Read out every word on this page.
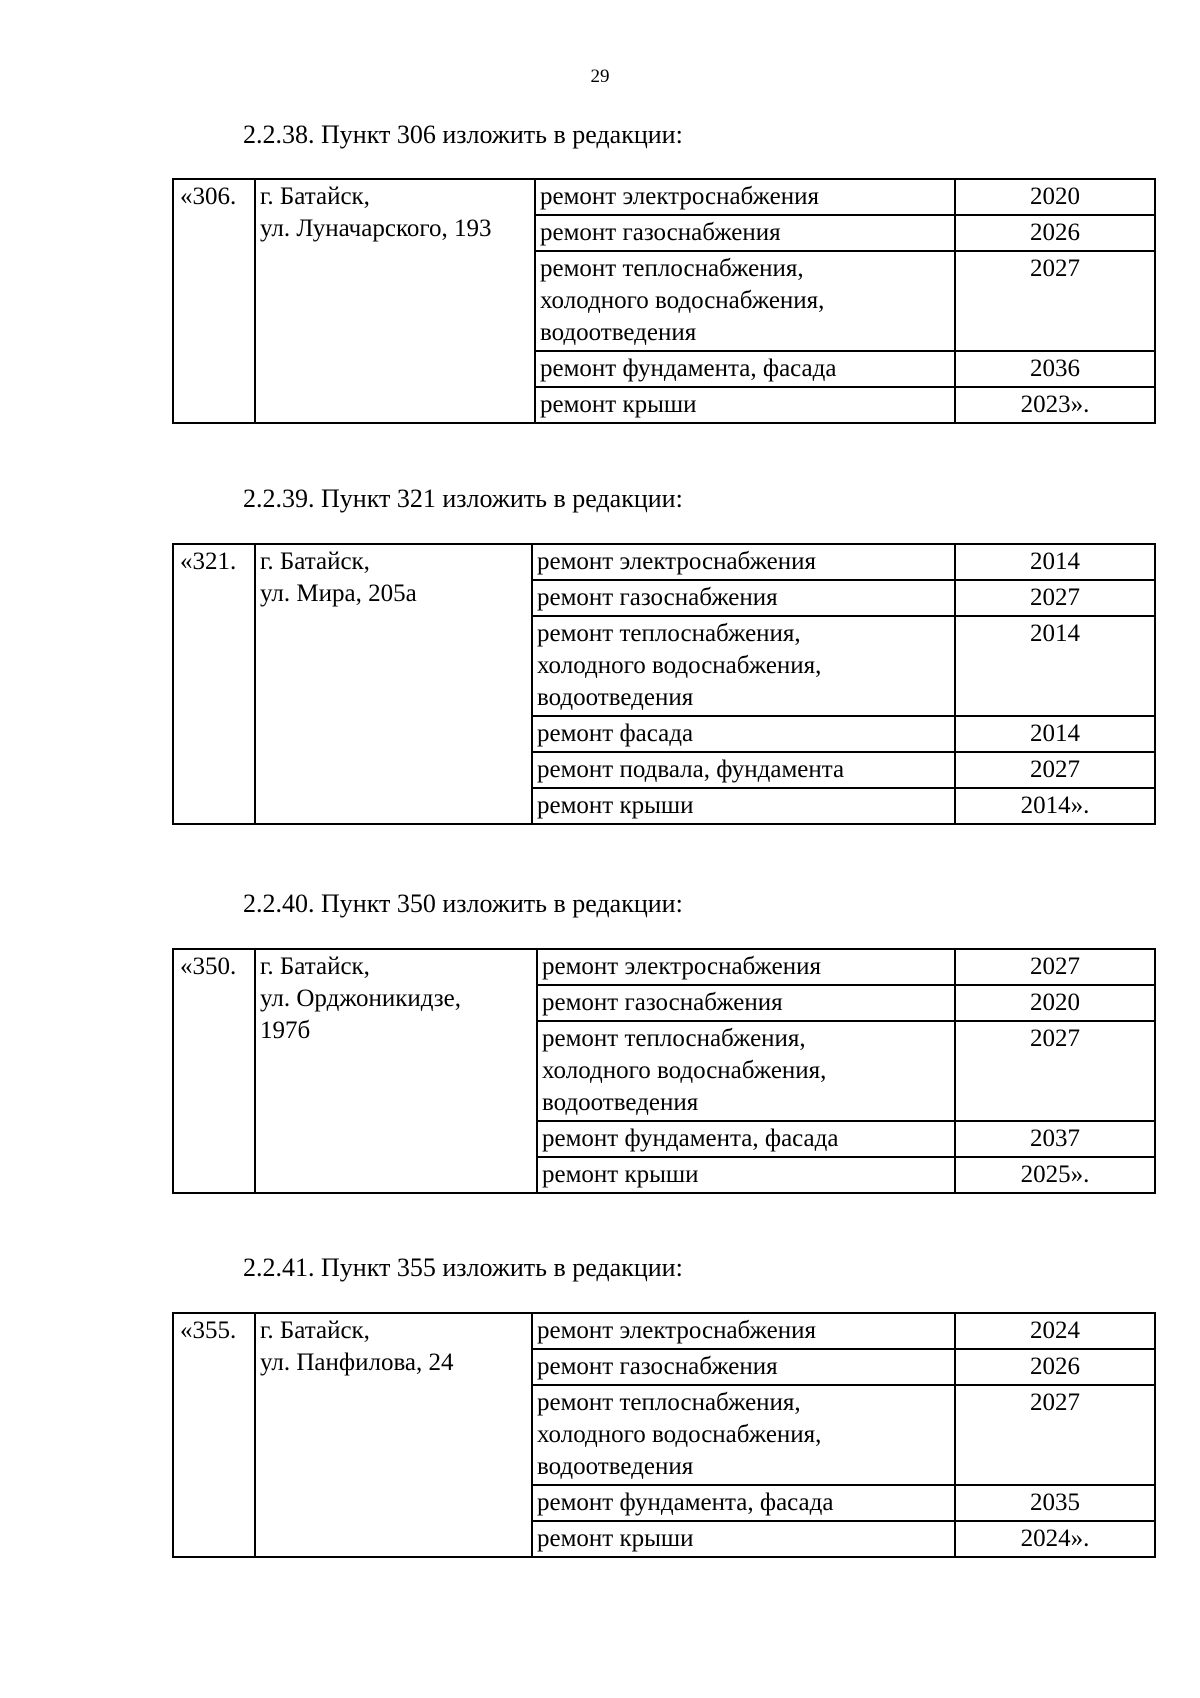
29
2.2.38. Пункт 306 изложить в редакции:
«306.	г. Батайск,
ул. Луначарского, 193	ремонт электроснабжения	2020
		ремонт газоснабжения	2026

		ремонт теплоснабжения,
холодного водоснабжения,
водоотведения	2027
		ремонт фундамента, фасада	2036
		ремонт крыши	2023».
2.2.39. Пункт 321 изложить в редакции:
«321.	г. Батайск,
ул. Мира, 205а	ремонт электроснабжения	2014
		ремонт газоснабжения	2027

		ремонт теплоснабжения,
холодного водоснабжения,
водоотведения	2014
		ремонт фасада	2014
		ремонт подвала, фундамента	2027
		ремонт крыши	2014».
2.2.40. Пункт 350 изложить в редакции:
«350.	г. Батайск,
ул. Орджоникидзе,
197б	ремонт электроснабжения	2027
		ремонт газоснабжения	2020

		ремонт теплоснабжения,
холодного водоснабжения,
водоотведения	2027
		ремонт фундамента, фасада	2037
		ремонт крыши	2025».
2.2.41. Пункт 355 изложить в редакции:
«355.	г. Батайск,
ул. Панфилова, 24	ремонт электроснабжения	2024
		ремонт газоснабжения	2026

		ремонт теплоснабжения,
холодного водоснабжения,
водоотведения	2027
		ремонт фундамента, фасада	2035
		ремонт крыши	2024».
